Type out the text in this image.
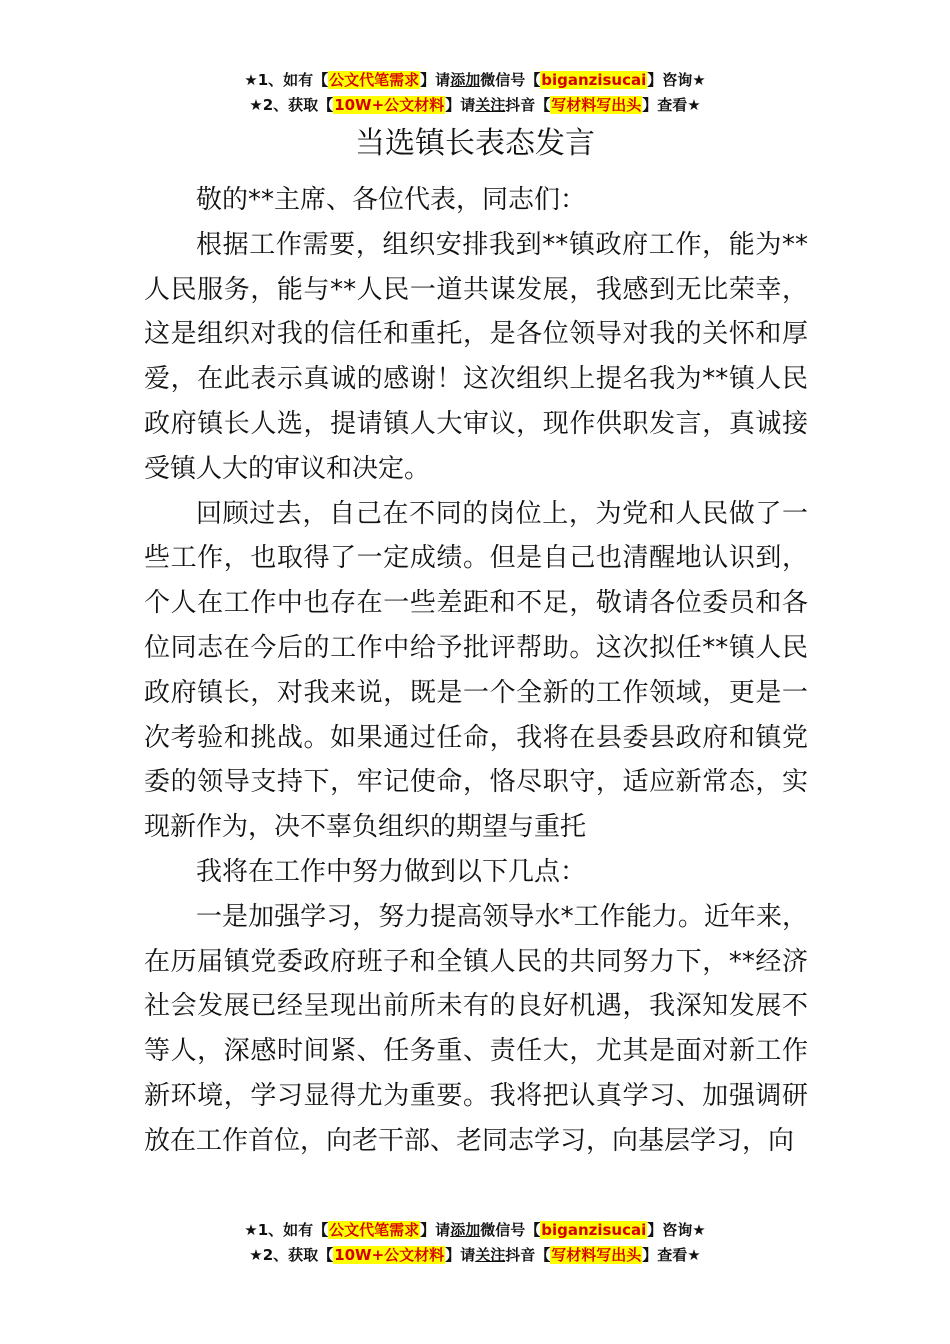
★1、如有【公文代笔需求】请添加微信号【biganzisucai】咨询★
★2、获取【10W+公文材料】请关注抖音【写材料写出头】查看★
当选镇长表态发言

敬的**主席、各位代表，同志们：

根据工作需要，组织安排我到**镇政府工作，能为**人民服务，能与**人民一道共谋发展，我感到无比荣幸，这是组织对我的信任和重托，是各位领导对我的关怀和厚爱，在此表示真诚的感谢！这次组织上提名我为**镇人民政府镇长人选，提请镇人大审议，现作供职发言，真诚接受镇人大的审议和决定。

回顾过去，自己在不同的岗位上，为党和人民做了一些工作，也取得了一定成绩。但是自己也清醒地认识到，个人在工作中也存在一些差距和不足，敬请各位委员和各位同志在今后的工作中给予批评帮助。这次拟任**镇人民政府镇长，对我来说，既是一个全新的工作领域，更是一次考验和挑战。如果通过任命，我将在县委县政府和镇党委的领导支持下，牢记使命，恪尽职守，适应新常态，实现新作为，决不辜负组织的期望与重托

我将在工作中努力做到以下几点：

一是加强学习，努力提高领导水*工作能力。近年来，在历届镇党委政府班子和全镇人民的共同努力下，**经济社会发展已经呈现出前所未有的良好机遇，我深知发展不等人，深感时间紧、任务重、责任大，尤其是面对新工作新环境，学习显得尤为重要。我将把认真学习、加强调研放在工作首位，向老干部、老同志学习，向基层学习，向

★1、如有【公文代笔需求】请添加微信号【biganzisucai】咨询★
★2、获取【10W+公文材料】请关注抖音【写材料写出头】查看★
